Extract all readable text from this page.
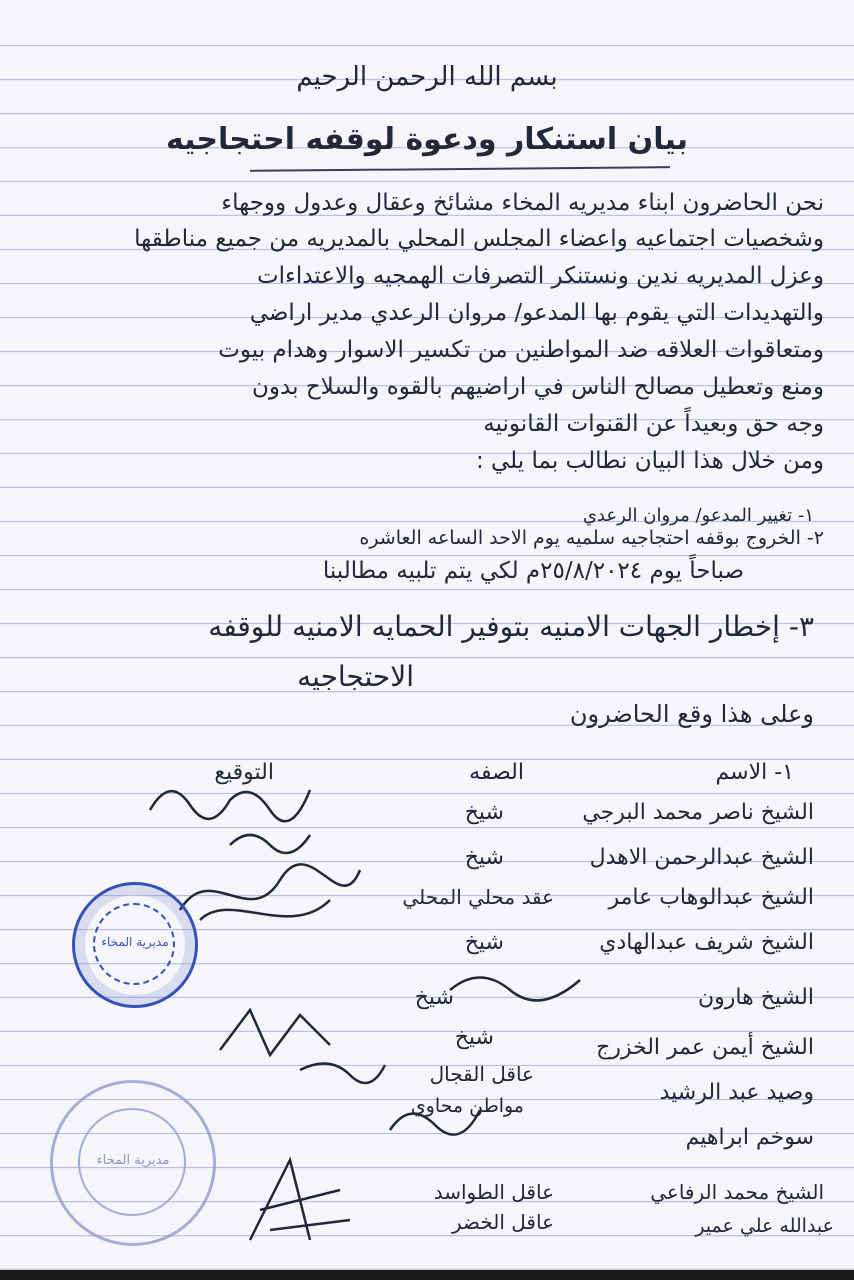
بسم الله الرحمن الرحيم
بيان استنكار ودعوة لوقفه احتجاجيه
نحن الحاضرون ابناء مديريه المخاء مشائخ وعقال وعدول ووجهاء
وشخصيات اجتماعيه واعضاء المجلس المحلي بالمديريه من جميع مناطقها
وعزل المديريه ندين ونستنكر التصرفات الهمجيه والاعتداءات
والتهديدات التي يقوم بها المدعو/ مروان الرعدي مدير اراضي
ومتعاقوات العلاقه ضد المواطنين من تكسير الاسوار وهدام بيوت
ومنع وتعطيل مصالح الناس في اراضيهم بالقوه والسلاح بدون
وجه حق وبعيداً عن القنوات القانونيه
ومن خلال هذا البيان نطالب بما يلي :
١- تغيير المدعو/ مروان الرعدي
٢- الخروج بوقفه احتجاجيه سلميه يوم الاحد الساعه العاشره
صباحاً يوم ٢٥/٨/٢٠٢٤م لكي يتم تلبيه مطالبنا
٣- إخطار الجهات الامنيه بتوفير الحمايه الامنيه للوقفه
الاحتجاجيه
وعلى هذا وقع الحاضرون
١- الاسم
الصفه
التوقيع
الشيخ ناصر محمد البرجي
شيخ
الشيخ عبدالرحمن الاهدل
شيخ
الشيخ عبدالوهاب عامر
عقد محلي المحلي
الشيخ شريف عبدالهادي
شيخ
الشيخ هارون
شيخ
الشيخ أيمن عمر الخزرج
شيخ
وصيد عبد الرشيد
عاقل القجال
سوخم ابراهيم
مواطن محاوي
الشيخ محمد الرفاعي
عاقل الطواسد
عبدالله علي عمير
عاقل الخضر
مديرية المخاء
مديرية المخاء
